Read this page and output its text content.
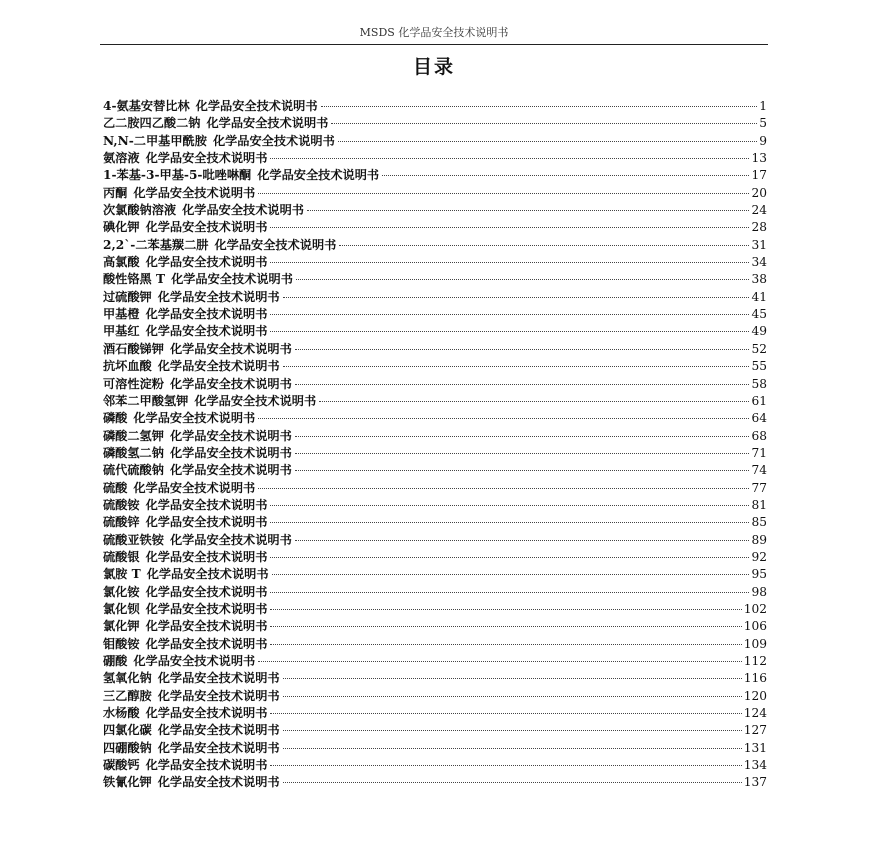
MSDS 化学品安全技术说明书
目录
4-氨基安替比林 化学品安全技术说明书	1
乙二胺四乙酸二钠 化学品安全技术说明书	5
N,N-二甲基甲酰胺 化学品安全技术说明书	9
氨溶液 化学品安全技术说明书	13
1-苯基-3-甲基-5-吡唑啉酮 化学品安全技术说明书	17
丙酮 化学品安全技术说明书	20
次氯酸钠溶液 化学品安全技术说明书	24
碘化钾 化学品安全技术说明书	28
2,2`-二苯基羰二肼 化学品安全技术说明书	31
高氯酸 化学品安全技术说明书	34
酸性铬黑 T 化学品安全技术说明书	38
过硫酸钾 化学品安全技术说明书	41
甲基橙 化学品安全技术说明书	45
甲基红 化学品安全技术说明书	49
酒石酸锑钾 化学品安全技术说明书	52
抗坏血酸 化学品安全技术说明书	55
可溶性淀粉 化学品安全技术说明书	58
邻苯二甲酸氢钾 化学品安全技术说明书	61
磷酸 化学品安全技术说明书	64
磷酸二氢钾 化学品安全技术说明书	68
磷酸氢二钠 化学品安全技术说明书	71
硫代硫酸钠 化学品安全技术说明书	74
硫酸 化学品安全技术说明书	77
硫酸铵 化学品安全技术说明书	81
硫酸锌 化学品安全技术说明书	85
硫酸亚铁铵 化学品安全技术说明书	89
硫酸银 化学品安全技术说明书	92
氯胺 T 化学品安全技术说明书	95
氯化铵 化学品安全技术说明书	98
氯化钡 化学品安全技术说明书	102
氯化钾 化学品安全技术说明书	106
钼酸铵 化学品安全技术说明书	109
硼酸 化学品安全技术说明书	112
氢氧化钠 化学品安全技术说明书	116
三乙醇胺 化学品安全技术说明书	120
水杨酸 化学品安全技术说明书	124
四氯化碳 化学品安全技术说明书	127
四硼酸钠 化学品安全技术说明书	131
碳酸钙 化学品安全技术说明书	134
铁氰化钾 化学品安全技术说明书	137
